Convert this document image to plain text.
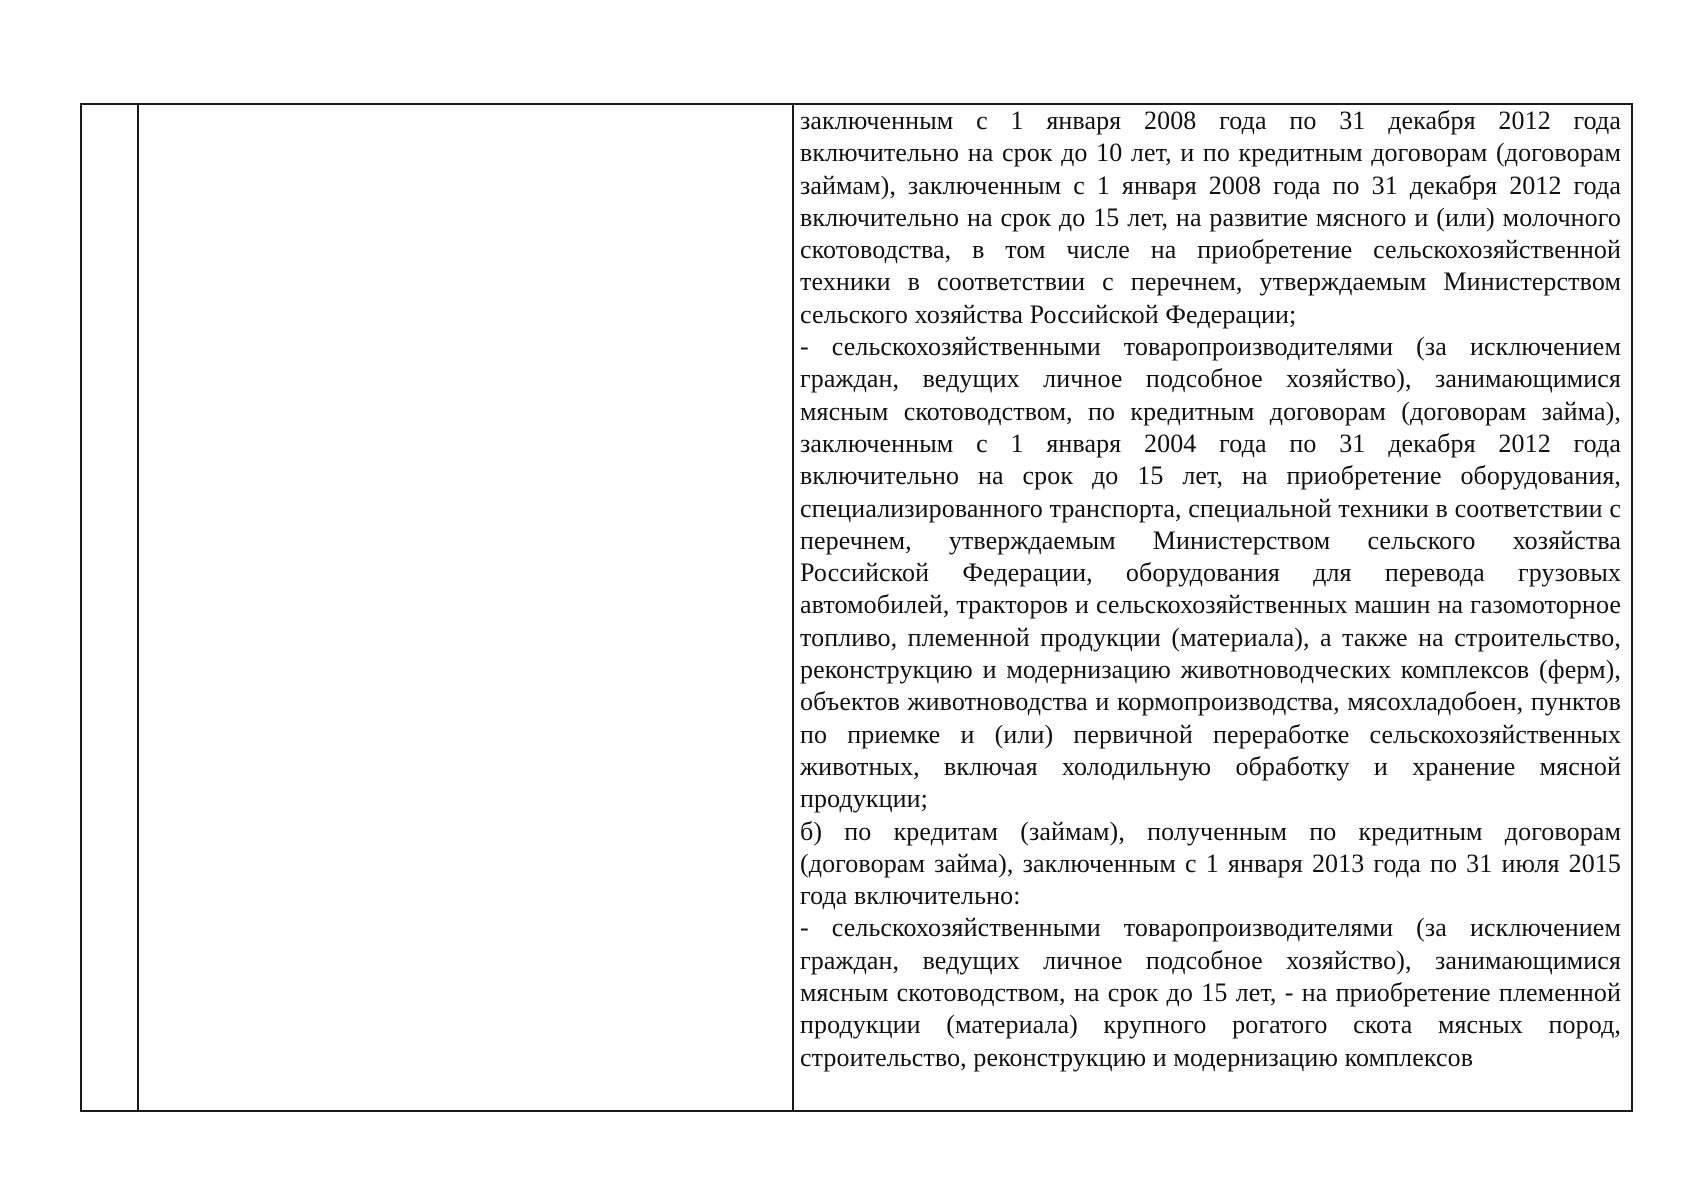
заключенным с 1 января 2008 года по 31 декабря 2012 года включительно на срок до 10 лет, и по кредитным договорам (договорам займам), заключенным с 1 января 2008 года по 31 декабря 2012 года включительно на срок до 15 лет, на развитие мясного и (или) молочного скотоводства, в том числе на приобретение сельскохозяйственной техники в соответствии с перечнем, утверждаемым Министерством сельского хозяйства Российской Федерации;

- сельскохозяйственными товаропроизводителями (за исключением граждан, ведущих личное подсобное хозяйство), занимающимися мясным скотоводством, по кредитным договорам (договорам займа), заключенным с 1 января 2004 года по 31 декабря 2012 года включительно на срок до 15 лет, на приобретение оборудования, специализированного транспорта, специальной техники в соответствии с перечнем, утверждаемым Министерством сельского хозяйства Российской Федерации, оборудования для перевода грузовых автомобилей, тракторов и сельскохозяйственных машин на газомоторное топливо, племенной продукции (материала), а также на строительство, реконструкцию и модернизацию животноводческих комплексов (ферм), объектов животноводства и кормопроизводства, мясохладобоен, пунктов по приемке и (или) первичной переработке сельскохозяйственных животных, включая холодильную обработку и хранение мясной продукции;

б) по кредитам (займам), полученным по кредитным договорам (договорам займа), заключенным с 1 января 2013 года по 31 июля 2015 года включительно:

- сельскохозяйственными товаропроизводителями (за исключением граждан, ведущих личное подсобное хозяйство), занимающимися мясным скотоводством, на срок до 15 лет, - на приобретение племенной продукции (материала) крупного рогатого скота мясных пород, строительство, реконструкцию и модернизацию комплексов
